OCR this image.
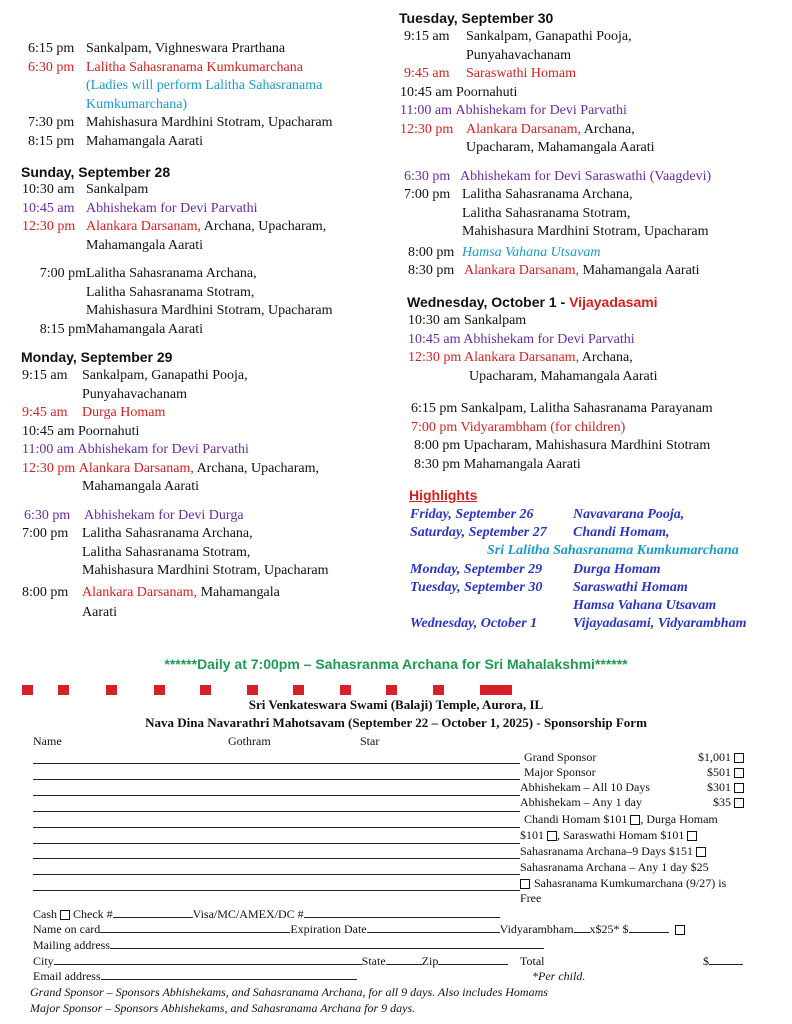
6:15 pm Sankalpam, Vighneswara Prarthana
6:30 pm Lalitha Sahasranama Kumkumarchana
(Ladies will perform Lalitha Sahasranama
Kumkumarchana)
7:30 pm Mahishasura Mardhini Stotram, Upacharam
8:15 pm Mahamangala Aarati
Sunday, September 28
10:30 am Sankalpam
10:45 am Abhishekam for Devi Parvathi
12:30 pm Alankara Darsanam, Archana, Upacharam,
Mahamangala Aarati
7:00 pmLalitha Sahasranama Archana,
Lalitha Sahasranama Stotram,
Mahishasura Mardhini Stotram, Upacharam
8:15 pmMahamangala Aarati
Monday, September 29
9:15 am Sankalpam, Ganapathi Pooja,
Punyahavachanam
9:45 am Durga Homam
10:45 am Poornahuti
11:00 am Abhishekam for Devi Parvathi
12:30 pm Alankara Darsanam, Archana, Upacharam,
Mahamangala Aarati
6:30 pm Abhishekam for Devi Durga
7:00 pm Lalitha Sahasranama Archana,
Lalitha Sahasranama Stotram,
Mahishasura Mardhini Stotram, Upacharam
8:00 pm Alankara Darsanam, Mahamangala
Aarati
Tuesday, September 30
9:15 am Sankalpam, Ganapathi Pooja,
Punyahavachanam
9:45 am Saraswathi Homam
10:45 am Poornahuti
11:00 am Abhishekam for Devi Parvathi
12:30 pm Alankara Darsanam, Archana,
Upacharam, Mahamangala Aarati
6:30 pm Abhishekam for Devi Saraswathi (Vaagdevi)
7:00 pm Lalitha Sahasranama Archana,
Lalitha Sahasranama Stotram,
Mahishasura Mardhini Stotram, Upacharam
8:00 pm Hamsa Vahana Utsavam
8:30 pm Alankara Darsanam, Mahamangala Aarati
Wednesday, October 1 - Vijayadasami
10:30 am Sankalpam
10:45 am Abhishekam for Devi Parvathi
12:30 pm Alankara Darsanam, Archana,
Upacharam, Mahamangala Aarati
6:15 pm Sankalpam, Lalitha Sahasranama Parayanam
7:00 pm Vidyarambham (for children)
8:00 pm Upacharam, Mahishasura Mardhini Stotram
8:30 pm Mahamangala Aarati
Highlights
Friday, September 26	Navavarana Pooja,
Saturday, September 27 Chandi Homam,
Sri Lalitha Sahasranama Kumkumarchana
Monday, September 29 Durga Homam
Tuesday, September 30 Saraswathi Homam
Hamsa Vahana Utsavam
Wednesday, October 1	Vijayadasami, Vidyarambham
******Daily at 7:00pm – Sahasranma Archana for Sri Mahalakshmi******
Sri Venkateswara Swami (Balaji) Temple, Aurora, IL
Nava Dina Navarathri Mahotsavam (September 22 – October 1, 2025) - Sponsorship Form
Name	Gothram	Star
Grand Sponsor	$1,001
Major Sponsor	$501
Abhishekam – All 10 Days	$301
Abhishekam – Any 1 day	$35
Chandi Homam $101 , Durga Homam
$101 , Saraswathi Homam $101
Sahasranama Archana–9 Days $151
Sahasranama Archana – Any 1 day $25
Sahasranama Kumkumarchana (9/27) is
Free
Cash Check #	Visa/MC/AMEX/DC #
Name on card	Expiration Date	Vidyarambham x$25* $
Mailing address
City	State	Zip	Total	$
Email address	*Per child.
Grand Sponsor – Sponsors Abhishekams, and Sahasranama Archana, for all 9 days. Also includes Homams
Major Sponsor – Sponsors Abhishekams, and Sahasranama Archana for 9 days.
